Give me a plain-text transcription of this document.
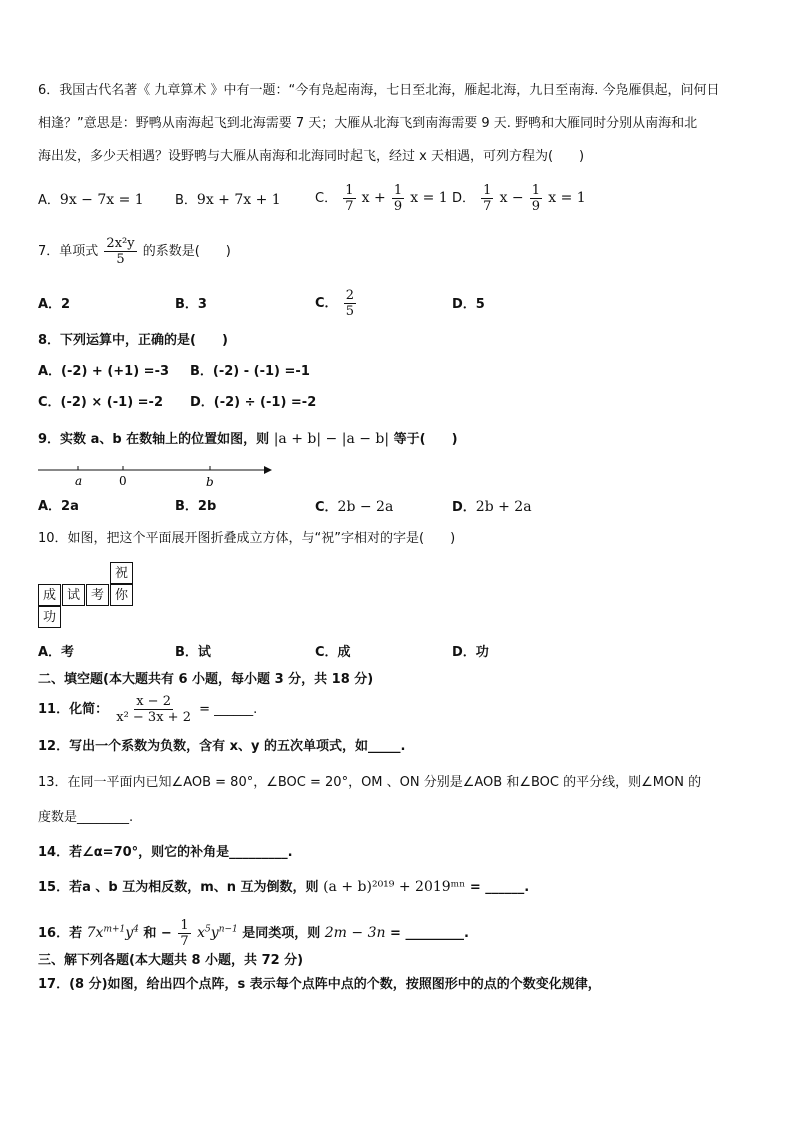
6．我国古代名著《 九章算术 》中有一题：“今有凫起南海，七日至北海，雁起北海，九日至南海. 今凫雁俱起，问何日
相逢？”意思是：野鸭从南海起飞到北海需要 7 天；大雁从北海飞到南海需要 9 天. 野鸭和大雁同时分别从南海和北
海出发，多少天相遇？设野鸭与大雁从南海和北海同时起飞，经过 x 天相遇，可列方程为(　　)
A．9x − 7x = 1 B．9x + 7x + 1	C． $\frac{1}{7}$ $x + \frac{1}{9}$ x = 1 D． $\frac{1}{7}$ $x - \frac{1}{9}$ x = 1
7．单项式 $\frac{\text{2x²y}}{5}$ 的系数是(　　)
A．2	B．3	C． $\frac{2}{5}$	D．5
8．下列运算中，正确的是(　　)
A．(-2) + (+1) =-3 B．(-2) - (-1) =-1
C．(-2) × (-1) =-2 D．(-2) ÷ (-1) =-2
9．实数 a、b 在数轴上的位置如图，则 |a + b| − |a − b| 等于(　　)
a	0	b
A．2a	B．2b	C．2b − 2a	D．2b + 2a
10．如图，把这个平面展开图折叠成立方体，与“祝”字相对的字是(　　)
祝
成 试 考 你
功
A．考	B．试	C．成	D．功
二、填空题(本大题共有 6 小题，每小题 3 分，共 18 分)
11．化简： $\frac{x - 2}{\text{x² − 3x + 2}}$ = ______.
12．写出一个系数为负数，含有 x、y 的五次单项式，如_____.
13．在同一平面内已知∠AOB = 80°，∠BOC = 20°，OM 、ON 分别是∠AOB 和∠BOC 的平分线，则∠MON 的
度数是________.
14．若∠α=70°，则它的补角是_________.
15．若a 、b 互为相反数，m、n 互为倒数，则 (a + b)²⁰¹⁹ + 2019ᵐⁿ = ______.
16．若 $7x^{m+1}y^4$ 和 − $\frac{1}{7} x^5y^{n-1}$ 是同类项，则 2m − 3n = _________.
三、解下列各题(本大题共 8 小题，共 72 分)
17．(8 分)如图，给出四个点阵，s 表示每个点阵中点的个数，按照图形中的点的个数变化规律，
